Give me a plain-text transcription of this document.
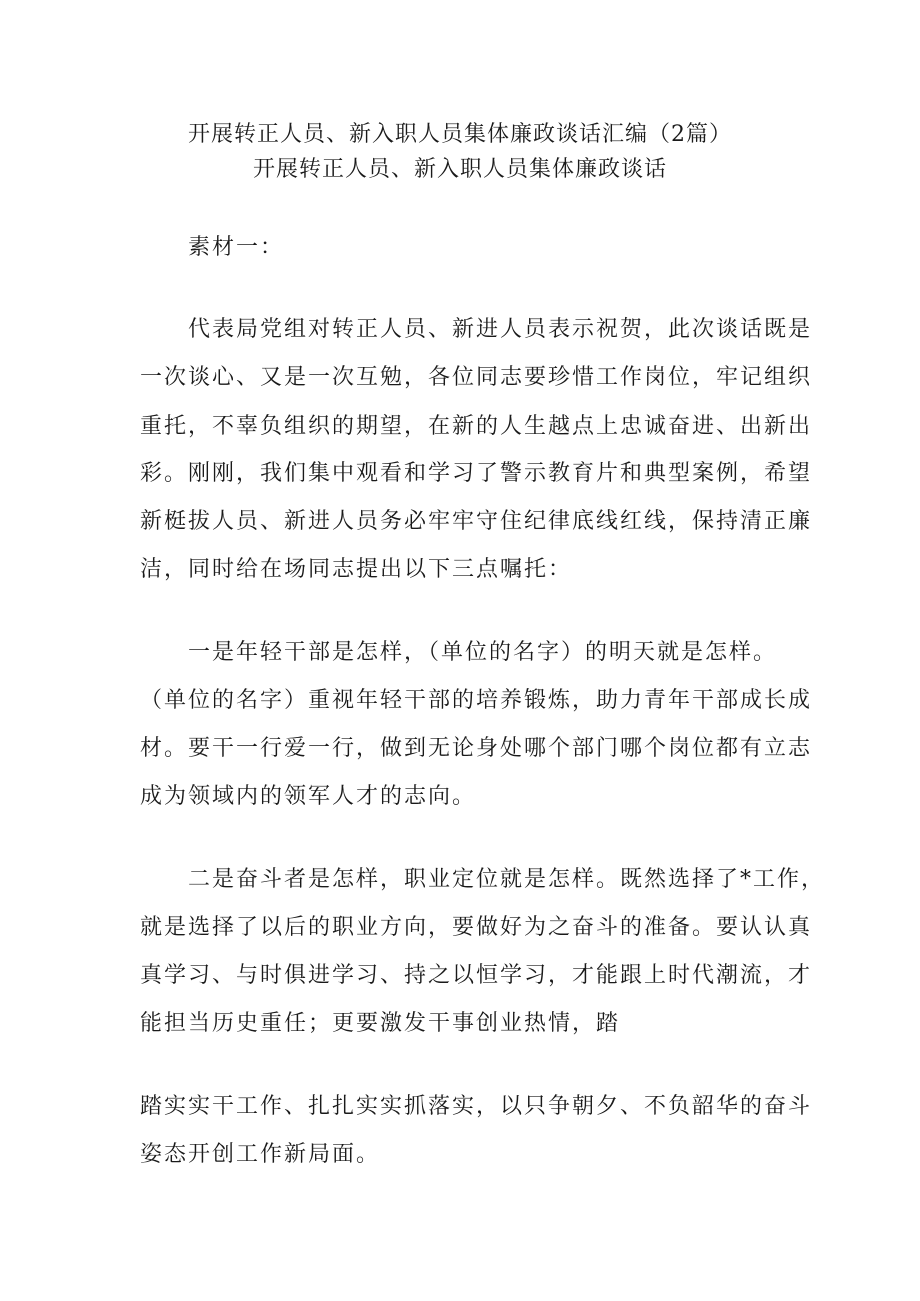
开展转正人员、新入职人员集体廉政谈话汇编（2篇）
开展转正人员、新入职人员集体廉政谈话
素材一：
代表局党组对转正人员、新进人员表示祝贺，此次谈话既是
一次谈心、又是一次互勉，各位同志要珍惜工作岗位，牢记组织
重托，不辜负组织的期望，在新的人生越点上忠诚奋进、出新出
彩。刚刚，我们集中观看和学习了警示教育片和典型案例，希望
新梃拔人员、新进人员务必牢牢守住纪律底线红线，保持清正廉
洁，同时给在场同志提出以下三点嘱托：
一是年轻干部是怎样，（单位的名字）的明天就是怎样。
（单位的名字）重视年轻干部的培养锻炼，助力青年干部成长成
材。要干一行爱一行，做到无论身处哪个部门哪个岗位都有立志
成为领域内的领军人才的志向。
二是奋斗者是怎样，职业定位就是怎样。既然选择了*工作，
就是选择了以后的职业方向，要做好为之奋斗的准备。要认认真
真学习、与时俱进学习、持之以恒学习，才能跟上时代潮流，才
能担当历史重任；更要激发干事创业热情，踏
踏实实干工作、扎扎实实抓落实，以只争朝夕、不负韶华的奋斗
姿态开创工作新局面。
